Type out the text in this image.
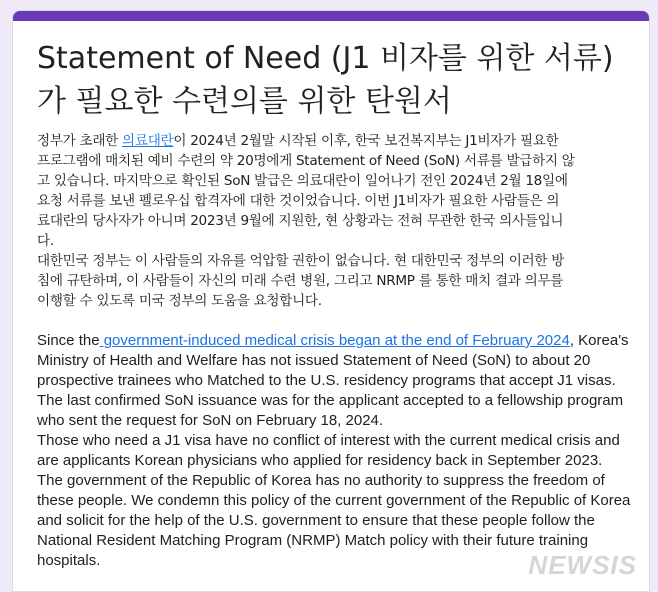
Statement of Need (J1 비자를 위한 서류)
가 필요한 수련의를 위한 탄원서

정부가 초래한 의료대란이 2024년 2월말 시작된 이후, 한국 보건복지부는 J1비자가 필요한
프로그램에 매치된 예비 수련의 약 20명에게 Statement of Need (SoN) 서류를 발급하지 않
고 있습니다. 마지막으로 확인된 SoN 발급은 의료대란이 일어나기 전인 2024년 2월 18일에
요청 서류를 보낸 펠로우십 합격자에 대한 것이었습니다. 이번 J1비자가 필요한 사람들은 의
료대란의 당사자가 아니며 2023년 9월에 지원한, 현 상황과는 전혀 무관한 한국 의사들입니
다.

대한민국 정부는 이 사람들의 자유를 억압할 권한이 없습니다. 현 대한민국 정부의 이러한 방
침에 규탄하며, 이 사람들이 자신의 미래 수련 병원, 그리고 NRMP 를 통한 매치 결과 의무를
이행할 수 있도록 미국 정부의 도움을 요청합니다.

Since the government-induced medical crisis began at the end of February 2024, Korea's
Ministry of Health and Welfare has not issued Statement of Need (SoN) to about 20
prospective trainees who Matched to the U.S. residency programs that accept J1 visas.
The last confirmed SoN issuance was for the applicant accepted to a fellowship program
who sent the request for SoN on February 18, 2024.

Those who need a J1 visa have no conflict of interest with the current medical crisis and
are applicants Korean physicians who applied for residency back in September 2023.

The government of the Republic of Korea has no authority to suppress the freedom of
these people. We condemn this policy of the current government of the Republic of Korea
and solicit for the help of the U.S. government to ensure that these people follow the
National Resident Matching Program (NRMP) Match policy with their future training
hospitals.	NEWSIS
